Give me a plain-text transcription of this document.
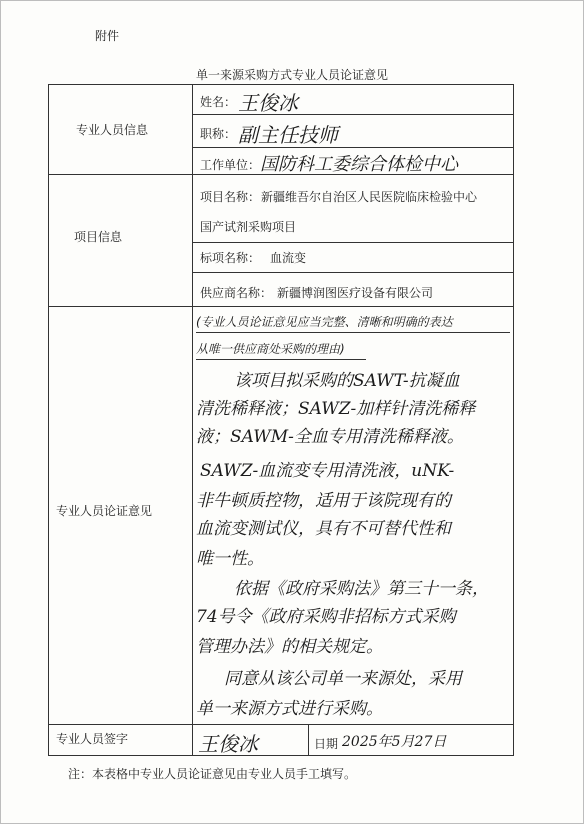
附件
单一来源采购方式专业人员论证意见
专业人员信息
项目信息
专业人员论证意见
专业人员签字
姓名： 王俊冰
职称： 副主任技师
工作单位： 国防科工委综合体检中心
项目名称： 新疆维吾尔自治区人民医院临床检验中心
国产试剂采购项目
标项名称： 血流变
供应商名称： 新疆博润图医疗设备有限公司
(专业人员论证意见应当完整、清晰和明确的表达
从唯一供应商处采购的理由)
该项目拟采购的SAWT-抗凝血
清洗稀释液；SAWZ-加样针清洗稀释
液；SAWM-全血专用清洗稀释液。
SAWZ-血流变专用清洗液，uNK-
非牛顿质控物，适用于该院现有的
血流变测试仪，具有不可替代性和
唯一性。
依据《政府采购法》第三十一条，
74号令《政府采购非招标方式采购
管理办法》的相关规定。
同意从该公司单一来源处，采用
单一来源方式进行采购。
王俊冰	日期 2025年5月27日
注：本表格中专业人员论证意见由专业人员手工填写。
